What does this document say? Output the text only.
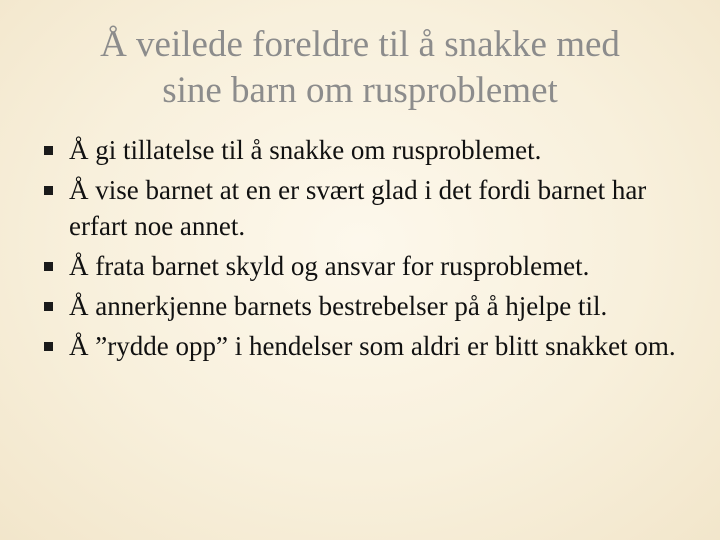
Å veilede foreldre til å snakke med
sine barn om rusproblemet
Å gi tillatelse til å snakke om rusproblemet.
Å vise barnet at en er svært glad i det fordi barnet har erfart noe annet.
Å frata barnet skyld og ansvar for rusproblemet.
Å annerkjenne barnets bestrebelser på å hjelpe til.
Å ”rydde opp” i hendelser som aldri er blitt snakket om.
